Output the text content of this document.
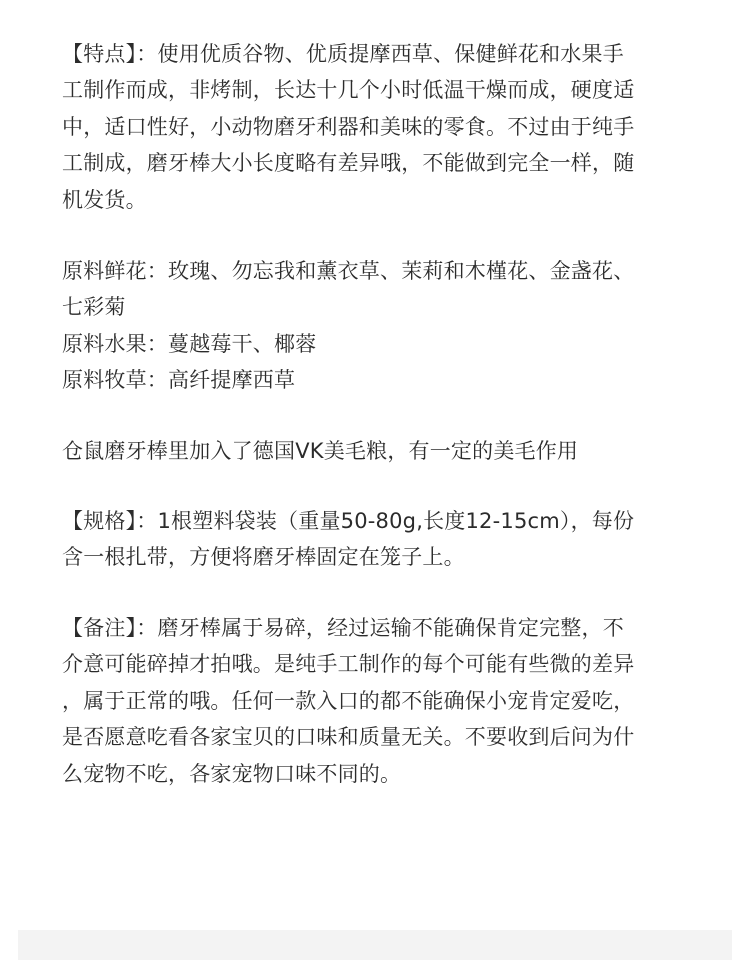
【特点】：使用优质谷物、优质提摩西草、保健鲜花和水果手
工制作而成，非烤制，长达十几个小时低温干燥而成，硬度适
中，适口性好，小动物磨牙利器和美味的零食。不过由于纯手
工制成，磨牙棒大小长度略有差异哦，不能做到完全一样，随
机发货。

原料鲜花：玫瑰、勿忘我和薰衣草、茉莉和木槿花、金盏花、
七彩菊
原料水果：蔓越莓干、椰蓉
原料牧草：高纤提摩西草

仓鼠磨牙棒里加入了德国VK美毛粮，有一定的美毛作用

【规格】：1根塑料袋装（重量50-80g,长度12-15cm），每份
含一根扎带，方便将磨牙棒固定在笼子上。

【备注】：磨牙棒属于易碎，经过运输不能确保肯定完整，不
介意可能碎掉才拍哦。是纯手工制作的每个可能有些微的差异
，属于正常的哦。任何一款入口的都不能确保小宠肯定爱吃，
是否愿意吃看各家宝贝的口味和质量无关。不要收到后问为什
么宠物不吃，各家宠物口味不同的。
